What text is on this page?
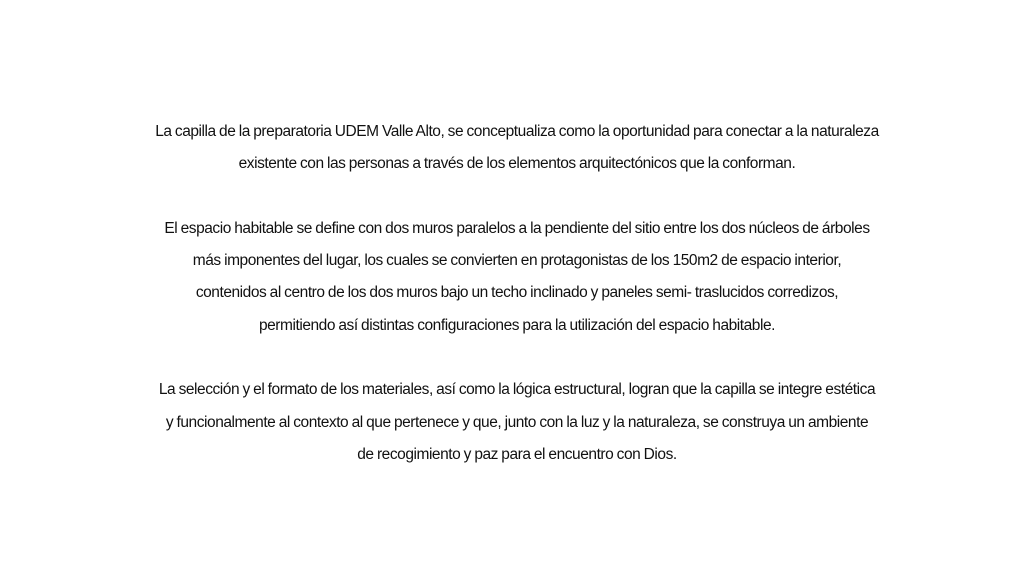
La capilla de la preparatoria UDEM Valle Alto, se conceptualiza como la oportunidad para conectar a la naturaleza
existente con las personas a través de los elementos arquitectónicos que la conforman.
El espacio habitable se define con dos muros paralelos a la pendiente del sitio entre los dos núcleos de árboles
más imponentes del lugar, los cuales se convierten en protagonistas de los 150m2 de espacio interior,
contenidos al centro de los dos muros bajo un techo inclinado y paneles semi- traslucidos corredizos,
permitiendo así distintas configuraciones para la utilización del espacio habitable.
La selección y el formato de los materiales, así como la lógica estructural, logran que la capilla se integre estética
y funcionalmente al contexto al que pertenece y que, junto con la luz y la naturaleza, se construya un ambiente
de recogimiento y paz para el encuentro con Dios.
